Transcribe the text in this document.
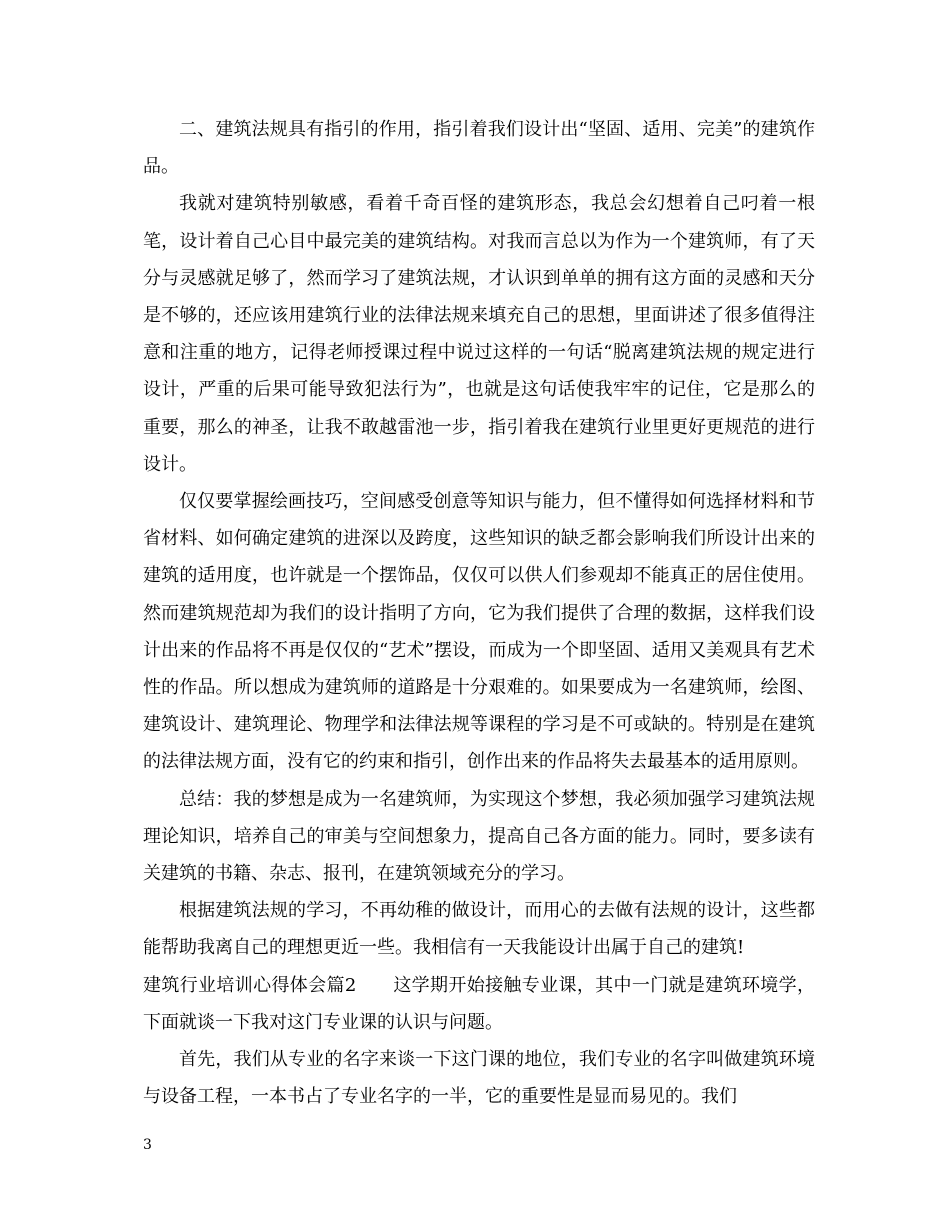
二、建筑法规具有指引的作用，指引着我们设计出“坚固、适用、完美”的建筑作品。

我就对建筑特别敏感，看着千奇百怪的建筑形态，我总会幻想着自己叼着一根笔，设计着自己心目中最完美的建筑结构。对我而言总以为作为一个建筑师，有了天分与灵感就足够了，然而学习了建筑法规，才认识到单单的拥有这方面的灵感和天分是不够的，还应该用建筑行业的法律法规来填充自己的思想，里面讲述了很多值得注意和注重的地方，记得老师授课过程中说过这样的一句话“脱离建筑法规的规定进行设计，严重的后果可能导致犯法行为”，也就是这句话使我牢牢的记住，它是那么的重要，那么的神圣，让我不敢越雷池一步，指引着我在建筑行业里更好更规范的进行设计。

仅仅要掌握绘画技巧，空间感受创意等知识与能力，但不懂得如何选择材料和节省材料、如何确定建筑的进深以及跨度，这些知识的缺乏都会影响我们所设计出来的建筑的适用度，也许就是一个摆饰品，仅仅可以供人们参观却不能真正的居住使用。然而建筑规范却为我们的设计指明了方向，它为我们提供了合理的数据，这样我们设计出来的作品将不再是仅仅的“艺术”摆设，而成为一个即坚固、适用又美观具有艺术性的作品。所以想成为建筑师的道路是十分艰难的。如果要成为一名建筑师，绘图、建筑设计、建筑理论、物理学和法律法规等课程的学习是不可或缺的。特别是在建筑的法律法规方面，没有它的约束和指引，创作出来的作品将失去最基本的适用原则。

总结：我的梦想是成为一名建筑师，为实现这个梦想，我必须加强学习建筑法规理论知识，培养自己的审美与空间想象力，提高自己各方面的能力。同时，要多读有关建筑的书籍、杂志、报刊，在建筑领域充分的学习。

根据建筑法规的学习，不再幼稚的做设计，而用心的去做有法规的设计，这些都能帮助我离自己的理想更近一些。我相信有一天我能设计出属于自己的建筑!

建筑行业培训心得体会篇2　　这学期开始接触专业课，其中一门就是建筑环境学，下面就谈一下我对这门专业课的认识与问题。

首先，我们从专业的名字来谈一下这门课的地位，我们专业的名字叫做建筑环境与设备工程，一本书占了专业名字的一半，它的重要性是显而易见的。我们

3
